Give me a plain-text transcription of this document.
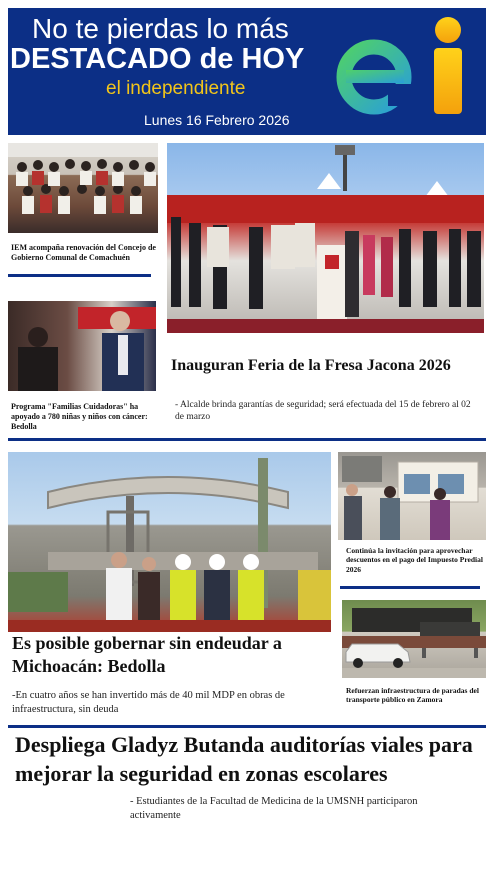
No te pierdas lo más
DESTACADO de HOY
el independiente
Lunes 16 Febrero 2026
IEM acompaña renovación del Concejo de Gobierno Comunal de Comachuén
Programa "Familias Cuidadoras" ha apoyado a 780 niñas y niños con cáncer: Bedolla
Inauguran Feria de la Fresa Jacona 2026
- Alcalde brinda garantías de seguridad; será efectuada del 15 de febrero al 02 de marzo
Es posible gobernar sin endeudar a Michoacán: Bedolla
-En cuatro años se han invertido más de 40 mil MDP en obras de infraestructura, sin deuda
Continúa la invitación para aprovechar descuentos en el pago del Impuesto Predial 2026
Refuerzan infraestructura de paradas del transporte público en Zamora
Despliega Gladyz Butanda auditorías viales para mejorar la seguridad en zonas escolares
- Estudiantes de la Facultad de Medicina de la UMSNH participaron activamente
